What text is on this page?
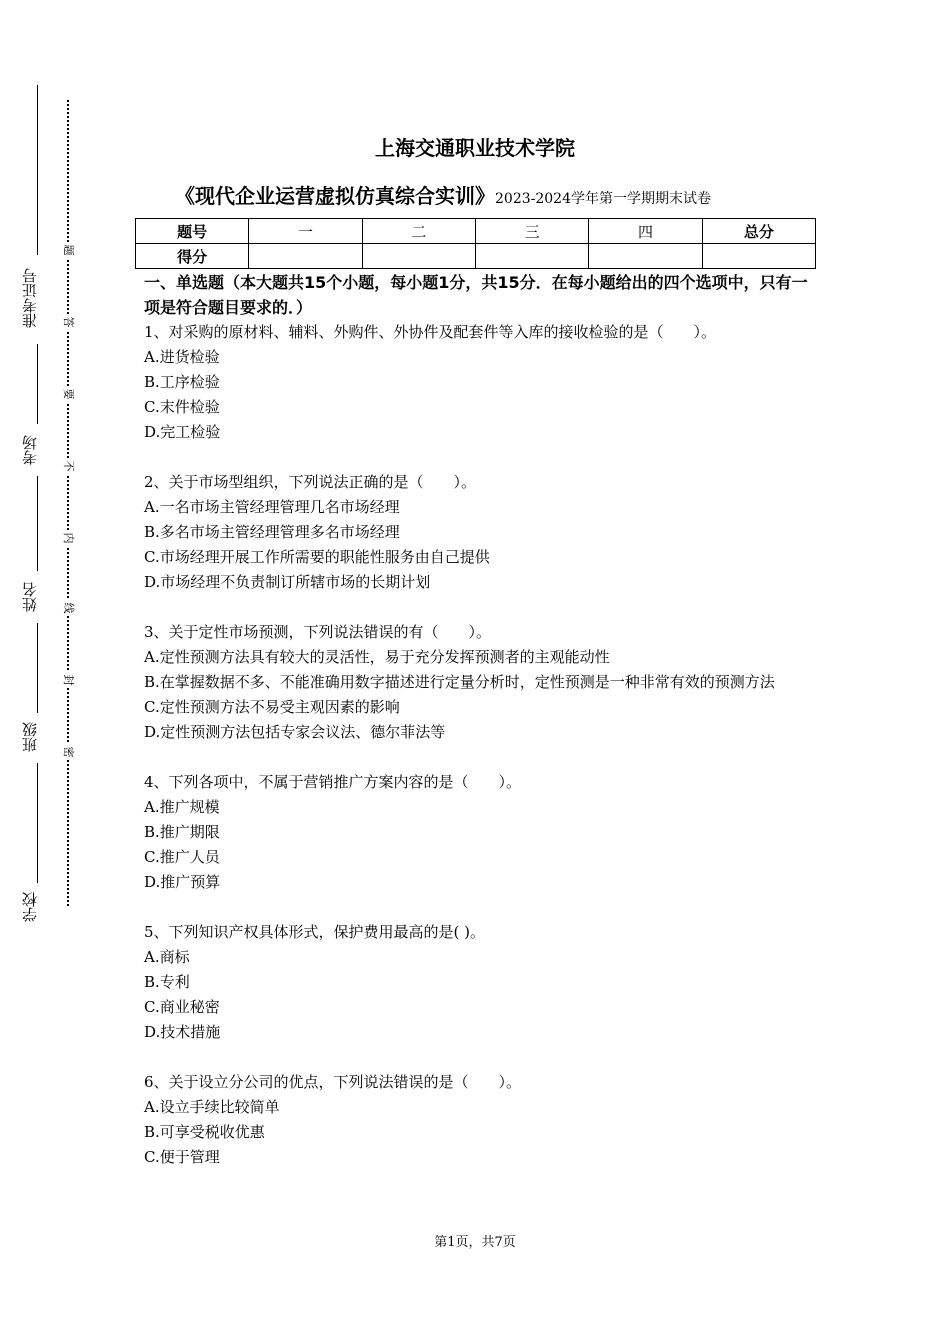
准考证号
考场
姓名
班级
学校
题
答
要
不
内
线
封
密
上海交通职业技术学院
《现代企业运营虚拟仿真综合实训》2023-2024学年第一学期期末试卷
题号	一	二	三	四	总分
得分					
一、单选题（本大题共15个小题，每小题1分，共15分．在每小题给出的四个选项中，只有一项是符合题目要求的．）
1、对采购的原材料、辅料、外购件、外协件及配套件等入库的接收检验的是（　　）。
A.进货检验
B.工序检验
C.末件检验
D.完工检验
2、关于市场型组织，下列说法正确的是（　　）。
A.一名市场主管经理管理几名市场经理
B.多名市场主管经理管理多名市场经理
C.市场经理开展工作所需要的职能性服务由自己提供
D.市场经理不负责制订所辖市场的长期计划
3、关于定性市场预测，下列说法错误的有（　　）。
A.定性预测方法具有较大的灵活性，易于充分发挥预测者的主观能动性
B.在掌握数据不多、不能准确用数字描述进行定量分析时，定性预测是一种非常有效的预测方法
C.定性预测方法不易受主观因素的影响
D.定性预测方法包括专家会议法、德尔菲法等
4、下列各项中，不属于营销推广方案内容的是（　　）。
A.推广规模
B.推广期限
C.推广人员
D.推广预算
5、下列知识产权具体形式，保护费用最高的是( )。
A.商标
B.专利
C.商业秘密
D.技术措施
6、关于设立分公司的优点，下列说法错误的是（　　）。
A.设立手续比较简单
B.可享受税收优惠
C.便于管理
第1页，共7页
